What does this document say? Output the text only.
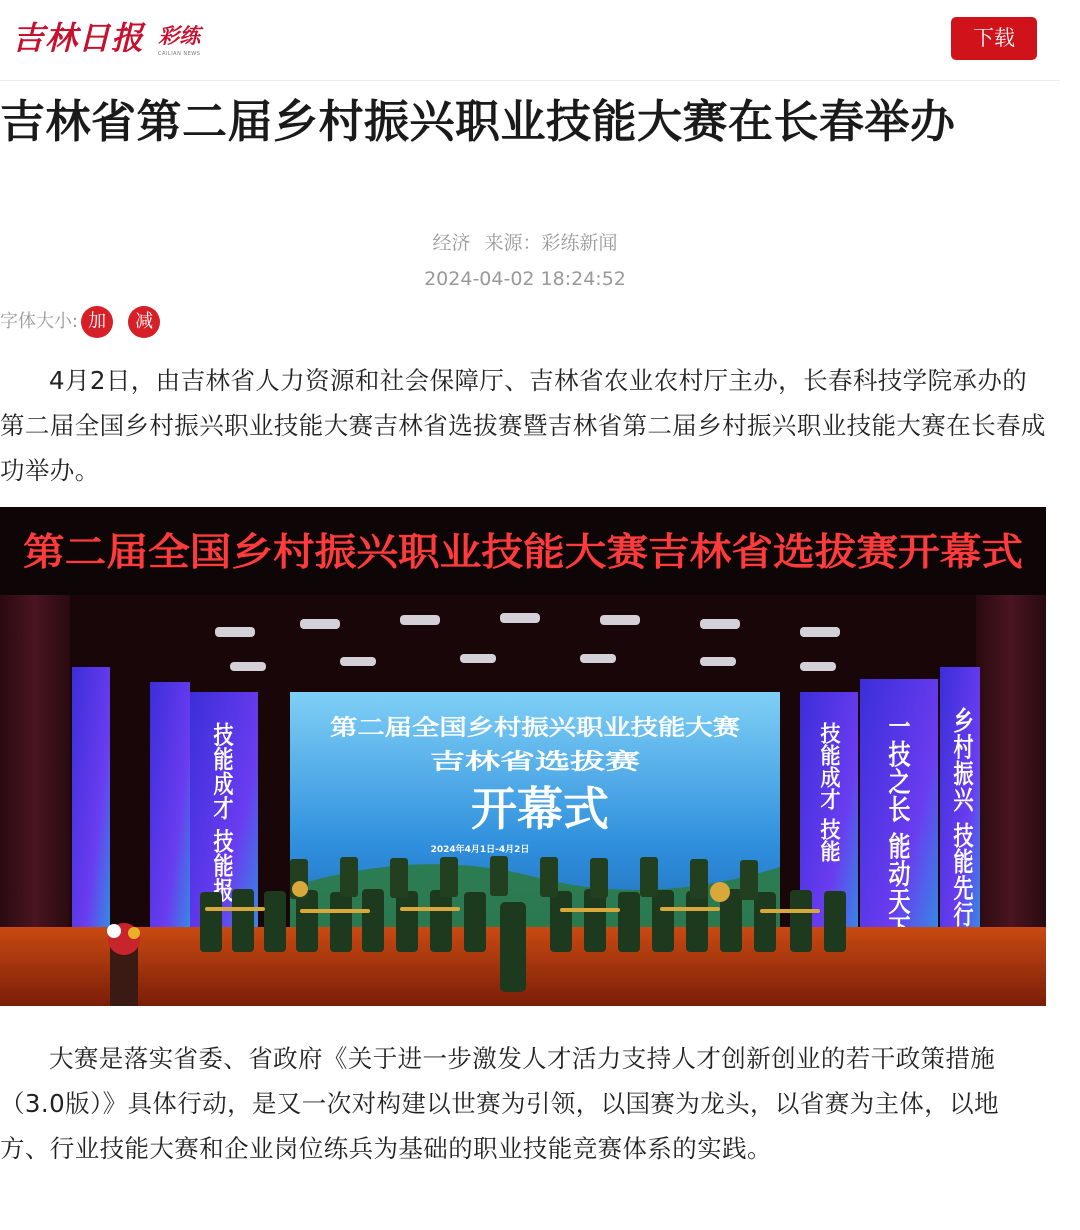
吉林日报 彩练
CAILIAN NEWS
下载
吉林省第二届乡村振兴职业技能大赛在长春举办
经济 来源：彩练新闻
2024-04-02 18:24:52
字体大小: 加	减

4月2日，由吉林省人力资源和社会保障厅、吉林省农业农村厅主办，长春科技学院承办的第二届全国乡村振兴职业技能大赛吉林省选拔赛暨吉林省第二届乡村振兴职业技能大赛在长春成功举办。

第二届全国乡村振兴职业技能大赛吉林省选拔赛开幕式
第二届全国乡村振兴职业技能大赛
吉林省选拔赛
开幕式
2024年4月1日-4月2日
技能成才 技能报	技能成才 技能 一技之长 能动天下 乡村振兴 技能先行

大赛是落实省委、省政府《关于进一步激发人才活力支持人才创新创业的若干政策措施（3.0版）》具体行动，是又一次对构建以世赛为引领，以国赛为龙头，以省赛为主体，以地方、行业技能大赛和企业岗位练兵为基础的职业技能竞赛体系的实践。
